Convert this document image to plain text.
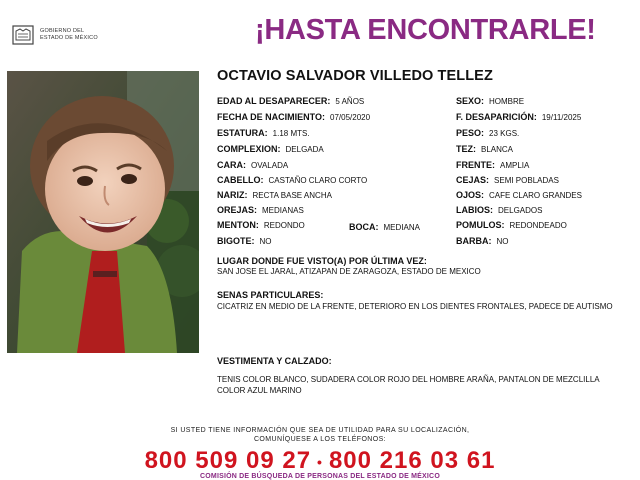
GOBIERNO DEL
ESTADO DE MÉXICO	¡HASTA ENCONTRARLE!
OCTAVIO SALVADOR VILLEDO TELLEZ
EDAD AL DESAPARECER: 5 AÑOS
FECHA DE NACIMIENTO: 07/05/2020
ESTATURA: 1.18 MTS.
COMPLEXION: DELGADA
CARA: OVALADA
CABELLO: CASTAÑO CLARO CORTO
NARIZ: RECTA BASE ANCHA
OREJAS: MEDIANAS
MENTON: REDONDO	BOCA: MEDIANA
BIGOTE: NO
SEXO: HOMBRE
F. DESAPARICIÓN: 19/11/2025
PESO: 23 KGS.
TEZ: BLANCA
FRENTE: AMPLIA
CEJAS: SEMI POBLADAS
OJOS: CAFE CLARO GRANDES
LABIOS: DELGADOS
POMULOS: REDONDEADO
BARBA: NO
LUGAR DONDE FUE VISTO(A) POR ÚLTIMA VEZ:
SAN JOSE EL JARAL, ATIZAPAN DE ZARAGOZA, ESTADO DE MEXICO
SENAS PARTICULARES:
CICATRIZ EN MEDIO DE LA FRENTE, DETERIORO EN LOS DIENTES FRONTALES, PADECE DE AUTISMO
VESTIMENTA Y CALZADO:
TENIS COLOR BLANCO, SUDADERA COLOR ROJO DEL HOMBRE ARAÑA, PANTALON DE MEZCLILLA COLOR AZUL MARINO
SI USTED TIENE INFORMACIÓN QUE SEA DE UTILIDAD PARA SU LOCALIZACIÓN,
COMUNÍQUESE A LOS TELÉFONOS:
800 509 09 27 • 800 216 03 61
COMISIÓN DE BÚSQUEDA DE PERSONAS DEL ESTADO DE MÉXICO
